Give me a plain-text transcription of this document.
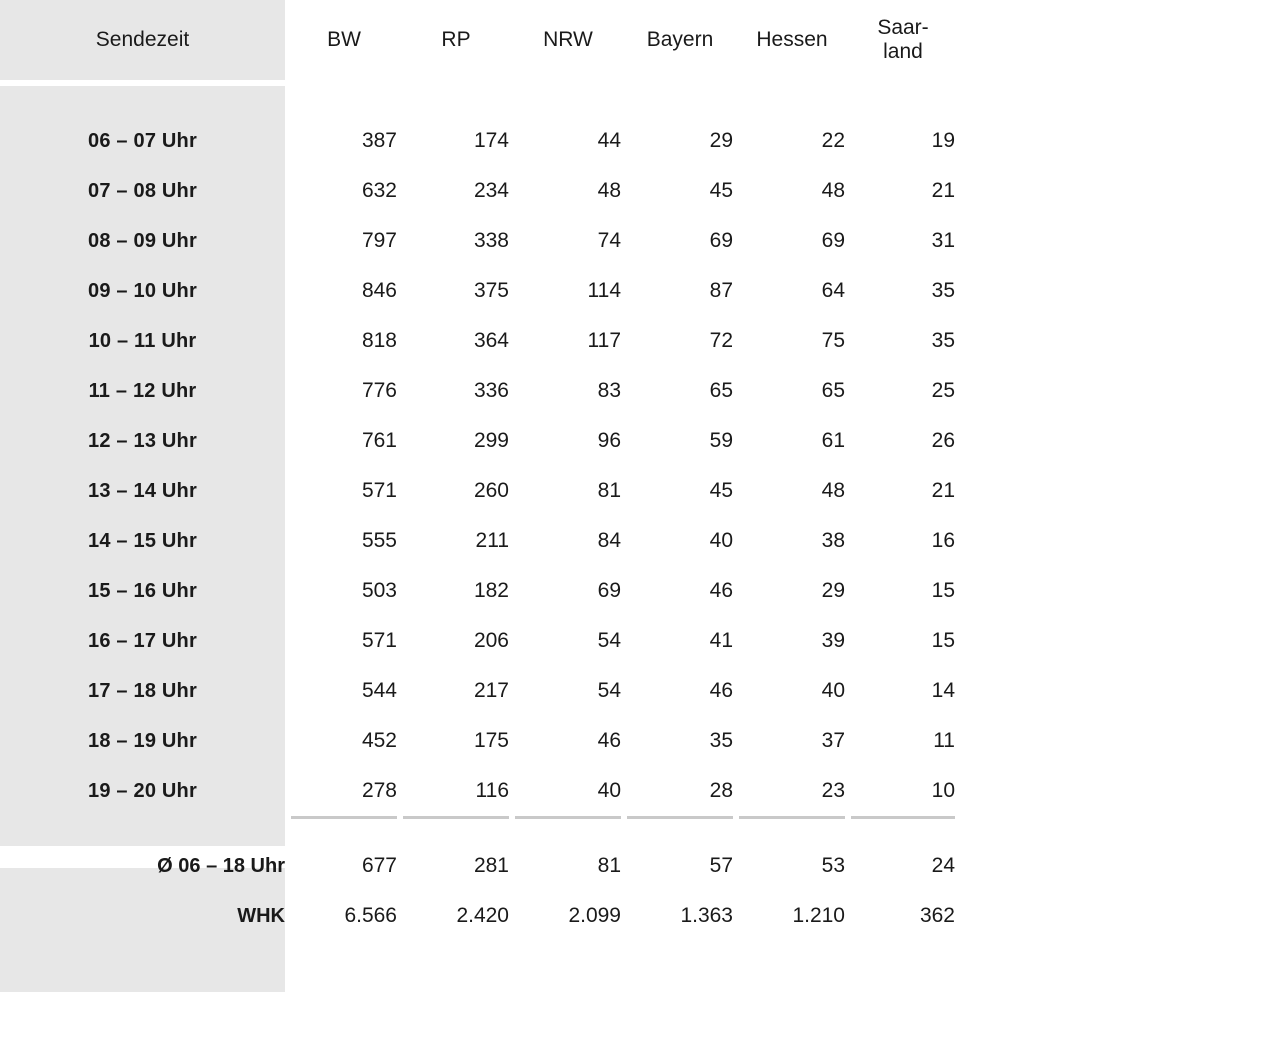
Sendezeit	BW	RP	NRW	Bayern	Hessen	Saar-
land

06 – 07 Uhr	387	174	44	29	22	19
07 – 08 Uhr	632	234	48	45	48	21
08 – 09 Uhr	797	338	74	69	69	31
09 – 10 Uhr	846	375	114	87	64	35
10 – 11 Uhr	818	364	117	72	75	35
11 – 12 Uhr	776	336	83	65	65	25
12 – 13 Uhr	761	299	96	59	61	26
13 – 14 Uhr	571	260	81	45	48	21
14 – 15 Uhr	555	211	84	40	38	16
15 – 16 Uhr	503	182	69	46	29	15
16 – 17 Uhr	571	206	54	41	39	15
17 – 18 Uhr	544	217	54	46	40	14
18 – 19 Uhr	452	175	46	35	37	11
19 – 20 Uhr	278	116	40	28	23	10

Ø 06 – 18 Uhr	677	281	81	57	53	24
WHK	6.566	2.420	2.099	1.363	1.210	362
